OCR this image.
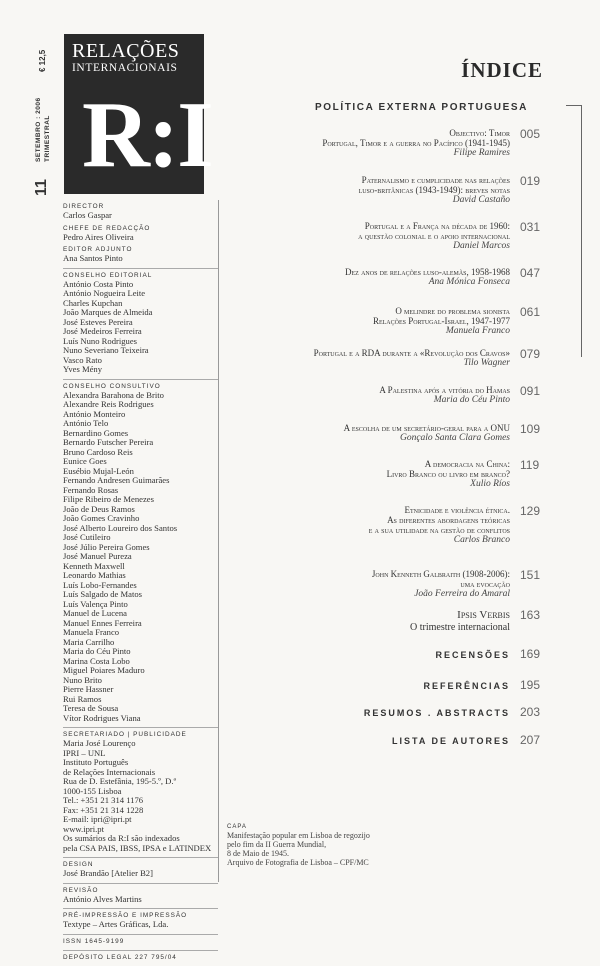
11
SETEMBRO : 2006 TRIMESTRAL
€ 12,5 RELAÇÕES
INTERNACIONAIS
R:I
DIRECTOR
Carlos Gaspar
CHEFE DE REDACÇÃO
Pedro Aires Oliveira
EDITOR ADJUNTO
Ana Santos Pinto
CONSELHO EDITORIAL
António Costa Pinto
António Nogueira Leite
Charles Kupchan
João Marques de Almeida
José Esteves Pereira
José Medeiros Ferreira
Luís Nuno Rodrigues
Nuno Severiano Teixeira
Vasco Rato
Yves Mény
CONSELHO CONSULTIVO
Alexandra Barahona de Brito
Alexandre Reis Rodrigues
António Monteiro
António Telo
Bernardino Gomes
Bernardo Futscher Pereira
Bruno Cardoso Reis
Eunice Goes
Eusébio Mujal-León
Fernando Andresen Guimarães
Fernando Rosas
Filipe Ribeiro de Menezes
João de Deus Ramos
João Gomes Cravinho
José Alberto Loureiro dos Santos
José Cutileiro
José Júlio Pereira Gomes
José Manuel Pureza
Kenneth Maxwell
Leonardo Mathias
Luís Lobo-Fernandes
Luís Salgado de Matos
Luís Valença Pinto
Manuel de Lucena
Manuel Ennes Ferreira
Manuela Franco
Maria Carrilho
Maria do Céu Pinto
Marina Costa Lobo
Miguel Poiares Maduro
Nuno Brito
Pierre Hassner
Rui Ramos
Teresa de Sousa
Vítor Rodrigues Viana
SECRETARIADO | PUBLICIDADE
Maria José Lourenço
IPRI – UNL
Instituto Português
de Relações Internacionais
Rua de D. Estefânia, 195-5.º, D.ª
1000-155 Lisboa
Tel.: +351 21 314 1176
Fax: +351 21 314 1228
E-mail: ipri@ipri.pt
www.ipri.pt
Os sumários da R:I são indexados
pela CSA PAIS, IBSS, IPSA e LATINDEX
DESIGN
José Brandão [Atelier B2]
REVISÃO
António Alves Martins
PRÉ-IMPRESSÃO E IMPRESSÃO
Textype – Artes Gráficas, Lda.
ISSN 1645-9199
DEPÓSITO LEGAL 227 795/04
CAPA
Manifestação popular em Lisboa de regozijo
pelo fim da II Guerra Mundial,
8 de Maio de 1945.
Arquivo de Fotografia de Lisboa – CPF/MC
ÍNDICE
POLÍTICA EXTERNA PORTUGUESA
Objectivo: Timor
Portugal, Timor e a guerra no Pacífico (1941-1945)
Filipe Ramires
005
Paternalismo e cumplicidade nas relações
luso-britânicas (1943-1949): breves notas
David Castaño
019
Portugal e a França na década de 1960:
a questão colonial e o apoio internacional
Daniel Marcos
031
Dez anos de relações luso-alemãs, 1958-1968
Ana Mónica Fonseca
047
O melindre do problema sionista
Relações Portugal-Israel, 1947-1977
Manuela Franco
061
Portugal e a RDA durante a «Revolução dos Cravos»
Tilo Wagner
079
A Palestina após a vitória do Hamas
Maria do Céu Pinto
091
A escolha de um secretário-geral para a ONU
Gonçalo Santa Clara Gomes
109
A democracia na China:
Livro Branco ou livro em branco?
Xulio Ríos
119
Etnicidade e violência étnica.
As diferentes abordagens teóricas
e a sua utilidade na gestão de conflitos
Carlos Branco
129
John Kenneth Galbraith (1908-2006):
uma evocação
João Ferreira do Amaral
151
Ipsis Verbis
O trimestre internacional
163
RECENSÕES 169
REFERÊNCIAS 195
RESUMOS . ABSTRACTS 203
LISTA DE AUTORES 207
